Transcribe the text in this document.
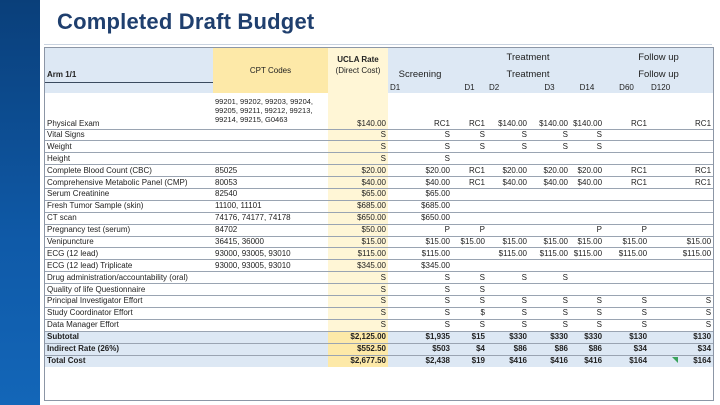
Completed Draft Budget
	CPT Codes	UCLA Rate
(Direct Cost)			Treatment				Follow up		
Arm 1/1			Screening		Treatment				Follow up		
			D1		D1	D2	D3	D14	D60	D120	
Physical Exam	99201, 99202, 99203, 99204,
99205, 99211, 99212, 99213,
99214, 99215, G0463	$140.00	RC1		RC1	$140.00	$140.00	$140.00	RC1	RC1	
Vital Signs		S	S		S	S	S	S			
Weight		S	S		S	S	S	S			
Height		S	S								
Complete Blood Count (CBC)	85025	$20.00	$20.00		RC1	$20.00	$20.00	$20.00	RC1	RC1	
Comprehensive Metabolic Panel (CMP)	80053	$40.00	$40.00		RC1	$40.00	$40.00	$40.00	RC1	RC1	
Serum Creatinine	82540	$65.00	$65.00							
Fresh Tumor Sample (skin)	11100, 11101	$685.00	$685.00								
CT scan	74176, 74177, 74178	$650.00	$650.00							
Pregnancy test (serum)	84702	$50.00	P		P			P	P		
Venipuncture	36415, 36000	$15.00	$15.00		$15.00	$15.00	$15.00	$15.00	$15.00	$15.00	
ECG (12 lead)	93000, 93005, 93010	$115.00	$115.00			$115.00	$115.00	$115.00	$115.00	$115.00	
ECG (12 lead) Triplicate	93000, 93005, 93010	$345.00	$345.00								
Drug administration/accountability (oral)		S	S		S	S	S				
Quality of life Questionnaire		S	S		S						
Principal Investigator Effort		S	S		S	S	S	S	S	S	
Study Coordinator Effort		S	S		$	S	S	S	S	S	
Data Manager Effort		S	S		S	S	S	S	S	S	
Subtotal		$2,125.00	$1,935		$15	$330	$330	$330	$130	$130	
Indirect Rate (26%)		$552.50	$503		$4	$86	$86	$86	$34	$34	
Total Cost		$2,677.50	$2,438		$19	$416	$416	$416	$164	$164	
